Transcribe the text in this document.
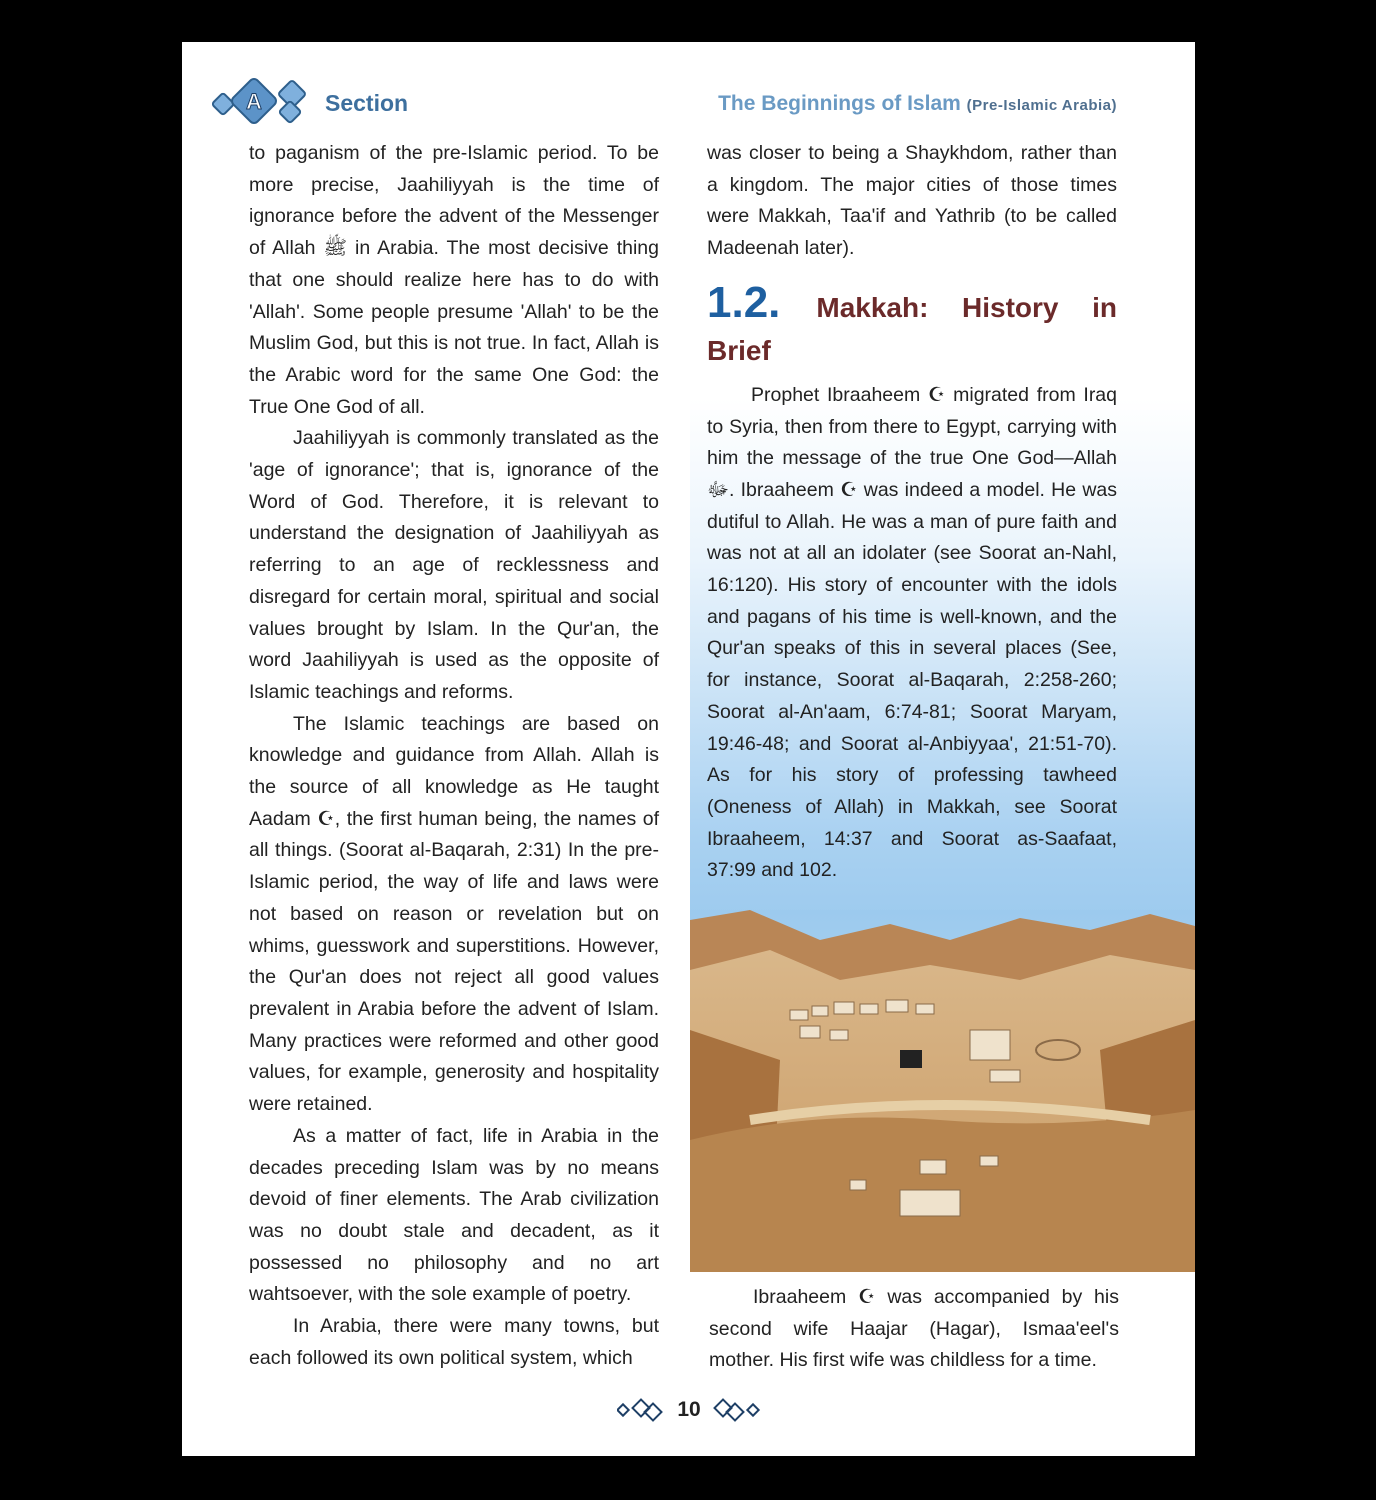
A	Section	The Beginnings of Islam (Pre-Islamic Arabia)

to paganism of the pre-Islamic period. To be more precise, Jaahiliyyah is the time of ignorance before the advent of the Messenger of Allah ﷺ in Arabia. The most decisive thing that one should realize here has to do with 'Allah'. Some people presume 'Allah' to be the Muslim God, but this is not true. In fact, Allah is the Arabic word for the same One God: the True One God of all.

Jaahiliyyah is commonly translated as the 'age of ignorance'; that is, ignorance of the Word of God. Therefore, it is relevant to understand the designation of Jaahiliyyah as referring to an age of recklessness and disregard for certain moral, spiritual and social values brought by Islam. In the Qur'an, the word Jaahiliyyah is used as the opposite of Islamic teachings and reforms.

The Islamic teachings are based on knowledge and guidance from Allah. Allah is the source of all knowledge as He taught Aadam ☪, the first human being, the names of all things. (Soorat al-Baqarah, 2:31) In the pre-Islamic period, the way of life and laws were not based on reason or revelation but on whims, guesswork and superstitions. However, the Qur'an does not reject all good values prevalent in Arabia before the advent of Islam. Many practices were reformed and other good values, for example, generosity and hospitality were retained.

As a matter of fact, life in Arabia in the decades preceding Islam was by no means devoid of finer elements. The Arab civilization was no doubt stale and decadent, as it possessed no philosophy and no art wahtsoever, with the sole example of poetry.

In Arabia, there were many towns, but each followed its own political system, which

was closer to being a Shaykhdom, rather than a kingdom. The major cities of those times were Makkah, Taa'if and Yathrib (to be called Madeenah later).

1.2. Makkah: History in Brief

Prophet Ibraaheem ☪ migrated from Iraq to Syria, then from there to Egypt, carrying with him the message of the true One God—Allah ﷻ. Ibraaheem ☪ was indeed a model. He was dutiful to Allah. He was a man of pure faith and was not at all an idolater (see Soorat an-Nahl, 16:120). His story of encounter with the idols and pagans of his time is well-known, and the Qur'an speaks of this in several places (See, for instance, Soorat al-Baqarah, 2:258-260; Soorat al-An'aam, 6:74-81; Soorat Maryam, 19:46-48; and Soorat al-Anbiyyaa', 21:51-70). As for his story of professing tawheed (Oneness of Allah) in Makkah, see Soorat Ibraaheem, 14:37 and Soorat as-Saafaat, 37:99 and 102.

Ibraaheem ☪ was accompanied by his second wife Haajar (Hagar), Ismaa'eel's mother. His first wife was childless for a time.

10
